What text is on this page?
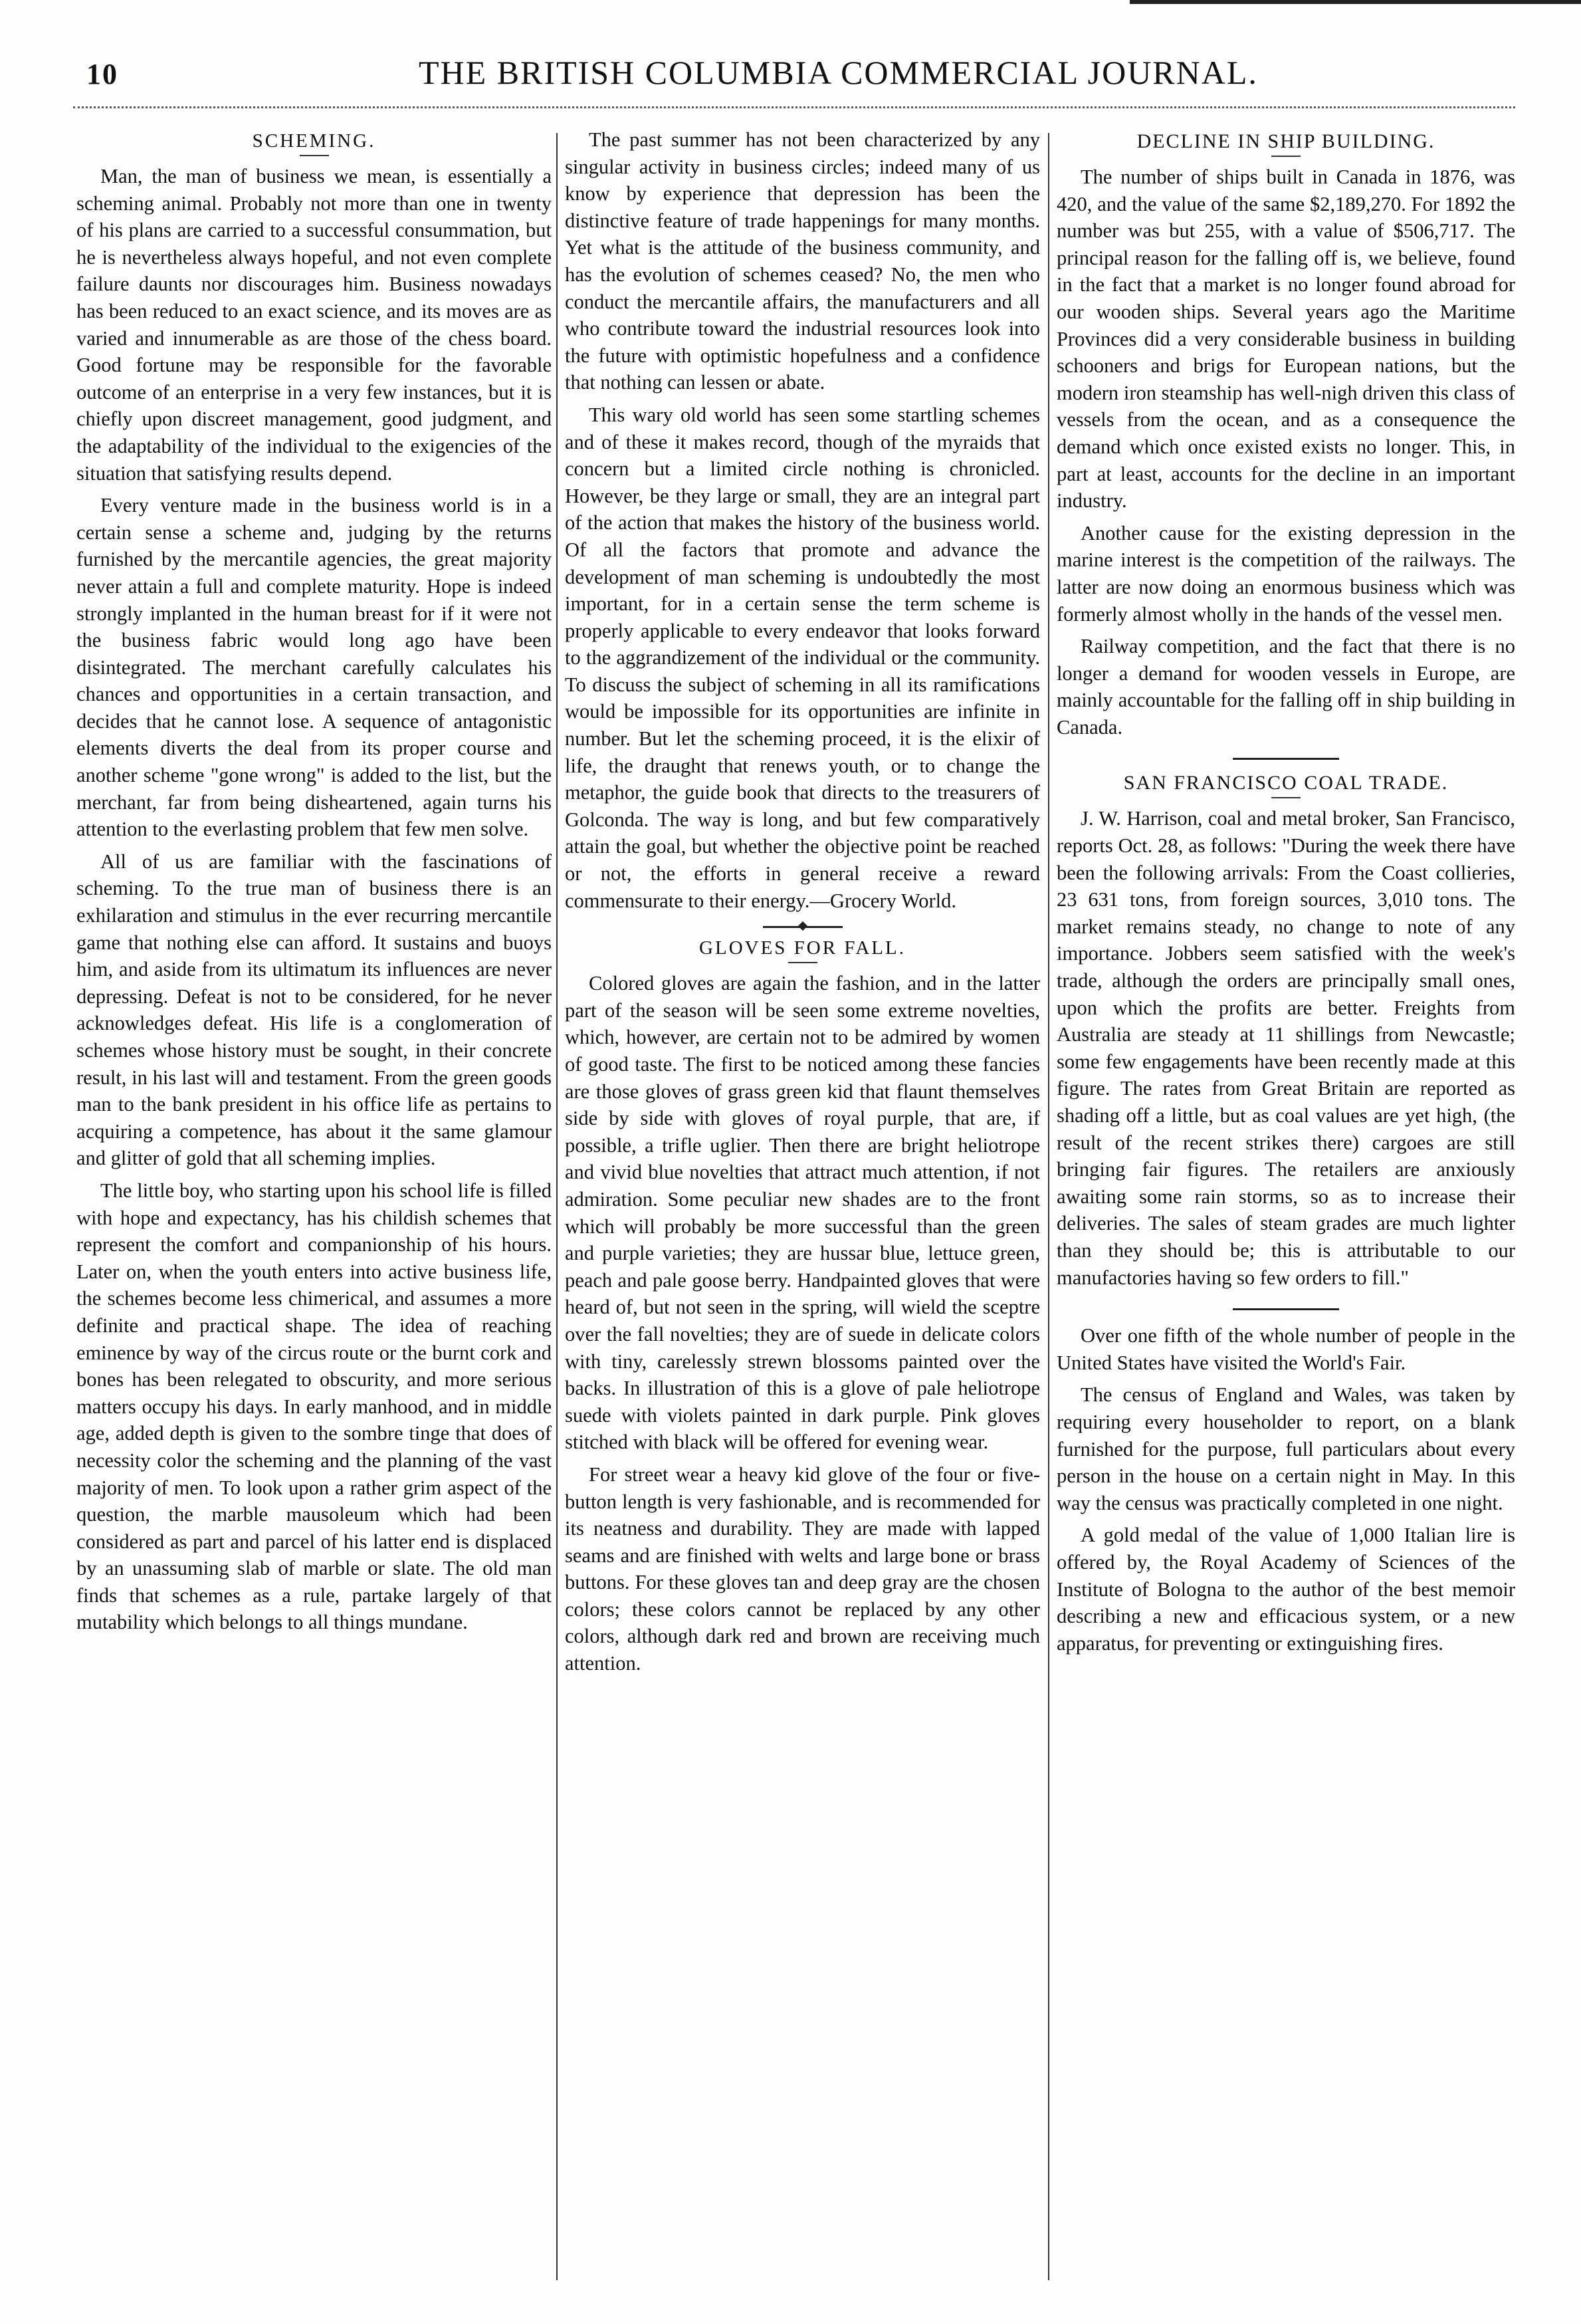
10	THE BRITISH COLUMBIA COMMERCIAL JOURNAL.
SCHEMING.

Man, the man of business we mean, is essentially a scheming animal. Probably not more than one in twenty of his plans are carried to a successful consummation, but he is nevertheless always hopeful, and not even complete failure daunts nor discourages him. Business nowadays has been reduced to an exact science, and its moves are as varied and innumerable as are those of the chess board. Good fortune may be responsible for the favorable outcome of an enterprise in a very few instances, but it is chiefly upon discreet management, good judgment, and the adaptability of the individual to the exigencies of the situation that satisfying results depend.

Every venture made in the business world is in a certain sense a scheme and, judging by the returns furnished by the mercantile agencies, the great majority never attain a full and complete maturity. Hope is indeed strongly implanted in the human breast for if it were not the business fabric would long ago have been disintegrated. The merchant carefully calculates his chances and opportunities in a certain transaction, and decides that he cannot lose. A sequence of antagonistic elements diverts the deal from its proper course and another scheme "gone wrong" is added to the list, but the merchant, far from being disheartened, again turns his attention to the everlasting problem that few men solve.

All of us are familiar with the fascinations of scheming. To the true man of business there is an exhilaration and stimulus in the ever recurring mercantile game that nothing else can afford. It sustains and buoys him, and aside from its ultimatum its influences are never depressing. Defeat is not to be considered, for he never acknowledges defeat. His life is a conglomeration of schemes whose history must be sought, in their concrete result, in his last will and testament. From the green goods man to the bank president in his office life as pertains to acquiring a competence, has about it the same glamour and glitter of gold that all scheming implies.

The little boy, who starting upon his school life is filled with hope and expectancy, has his childish schemes that represent the comfort and companionship of his hours. Later on, when the youth enters into active business life, the schemes become less chimerical, and assumes a more definite and practical shape. The idea of reaching eminence by way of the circus route or the burnt cork and bones has been relegated to obscurity, and more serious matters occupy his days. In early manhood, and in middle age, added depth is given to the sombre tinge that does of necessity color the scheming and the planning of the vast majority of men. To look upon a rather grim aspect of the question, the marble mausoleum which had been considered as part and parcel of his latter end is displaced by an unassuming slab of marble or slate. The old man finds that schemes as a rule, partake largely of that mutability which belongs to all things mundane.

The past summer has not been characterized by any singular activity in business circles; indeed many of us know by experience that depression has been the distinctive feature of trade happenings for many months. Yet what is the attitude of the business community, and has the evolution of schemes ceased? No, the men who conduct the mercantile affairs, the manufacturers and all who contribute toward the industrial resources look into the future with optimistic hopefulness and a confidence that nothing can lessen or abate.

This wary old world has seen some startling schemes and of these it makes record, though of the myraids that concern but a limited circle nothing is chronicled. However, be they large or small, they are an integral part of the action that makes the history of the business world. Of all the factors that promote and advance the development of man scheming is undoubtedly the most important, for in a certain sense the term scheme is properly applicable to every endeavor that looks forward to the aggrandizement of the individual or the community. To discuss the subject of scheming in all its ramifications would be impossible for its opportunities are infinite in number. But let the scheming proceed, it is the elixir of life, the draught that renews youth, or to change the metaphor, the guide book that directs to the treasurers of Golconda. The way is long, and but few comparatively attain the goal, but whether the objective point be reached or not, the efforts in general receive a reward commensurate to their energy.—Grocery World.

GLOVES FOR FALL.

Colored gloves are again the fashion, and in the latter part of the season will be seen some extreme novelties, which, however, are certain not to be admired by women of good taste. The first to be noticed among these fancies are those gloves of grass green kid that flaunt themselves side by side with gloves of royal purple, that are, if possible, a trifle uglier. Then there are bright heliotrope and vivid blue novelties that attract much attention, if not admiration. Some peculiar new shades are to the front which will probably be more successful than the green and purple varieties; they are hussar blue, lettuce green, peach and pale goose berry. Handpainted gloves that were heard of, but not seen in the spring, will wield the sceptre over the fall novelties; they are of suede in delicate colors with tiny, carelessly strewn blossoms painted over the backs. In illustration of this is a glove of pale heliotrope suede with violets painted in dark purple. Pink gloves stitched with black will be offered for evening wear.

For street wear a heavy kid glove of the four or five-button length is very fashionable, and is recommended for its neatness and durability. They are made with lapped seams and are finished with welts and large bone or brass buttons. For these gloves tan and deep gray are the chosen colors; these colors cannot be replaced by any other colors, although dark red and brown are receiving much attention.

DECLINE IN SHIP BUILDING.

The number of ships built in Canada in 1876, was 420, and the value of the same $2,189,270. For 1892 the number was but 255, with a value of $506,717. The principal reason for the falling off is, we believe, found in the fact that a market is no longer found abroad for our wooden ships. Several years ago the Maritime Provinces did a very considerable business in building schooners and brigs for European nations, but the modern iron steamship has well-nigh driven this class of vessels from the ocean, and as a consequence the demand which once existed exists no longer. This, in part at least, accounts for the decline in an important industry.

Another cause for the existing depression in the marine interest is the competition of the railways. The latter are now doing an enormous business which was formerly almost wholly in the hands of the vessel men.

Railway competition, and the fact that there is no longer a demand for wooden vessels in Europe, are mainly accountable for the falling off in ship building in Canada.

SAN FRANCISCO COAL TRADE.

J. W. Harrison, coal and metal broker, San Francisco, reports Oct. 28, as follows: "During the week there have been the following arrivals: From the Coast collieries, 23 631 tons, from foreign sources, 3,010 tons. The market remains steady, no change to note of any importance. Jobbers seem satisfied with the week's trade, although the orders are principally small ones, upon which the profits are better. Freights from Australia are steady at 11 shillings from Newcastle; some few engagements have been recently made at this figure. The rates from Great Britain are reported as shading off a little, but as coal values are yet high, (the result of the recent strikes there) cargoes are still bringing fair figures. The retailers are anxiously awaiting some rain storms, so as to increase their deliveries. The sales of steam grades are much lighter than they should be; this is attributable to our manufactories having so few orders to fill."

Over one fifth of the whole number of people in the United States have visited the World's Fair.

The census of England and Wales, was taken by requiring every householder to report, on a blank furnished for the purpose, full particulars about every person in the house on a certain night in May. In this way the census was practically completed in one night.

A gold medal of the value of 1,000 Italian lire is offered by, the Royal Academy of Sciences of the Institute of Bologna to the author of the best memoir describing a new and efficacious system, or a new apparatus, for preventing or extinguishing fires.
